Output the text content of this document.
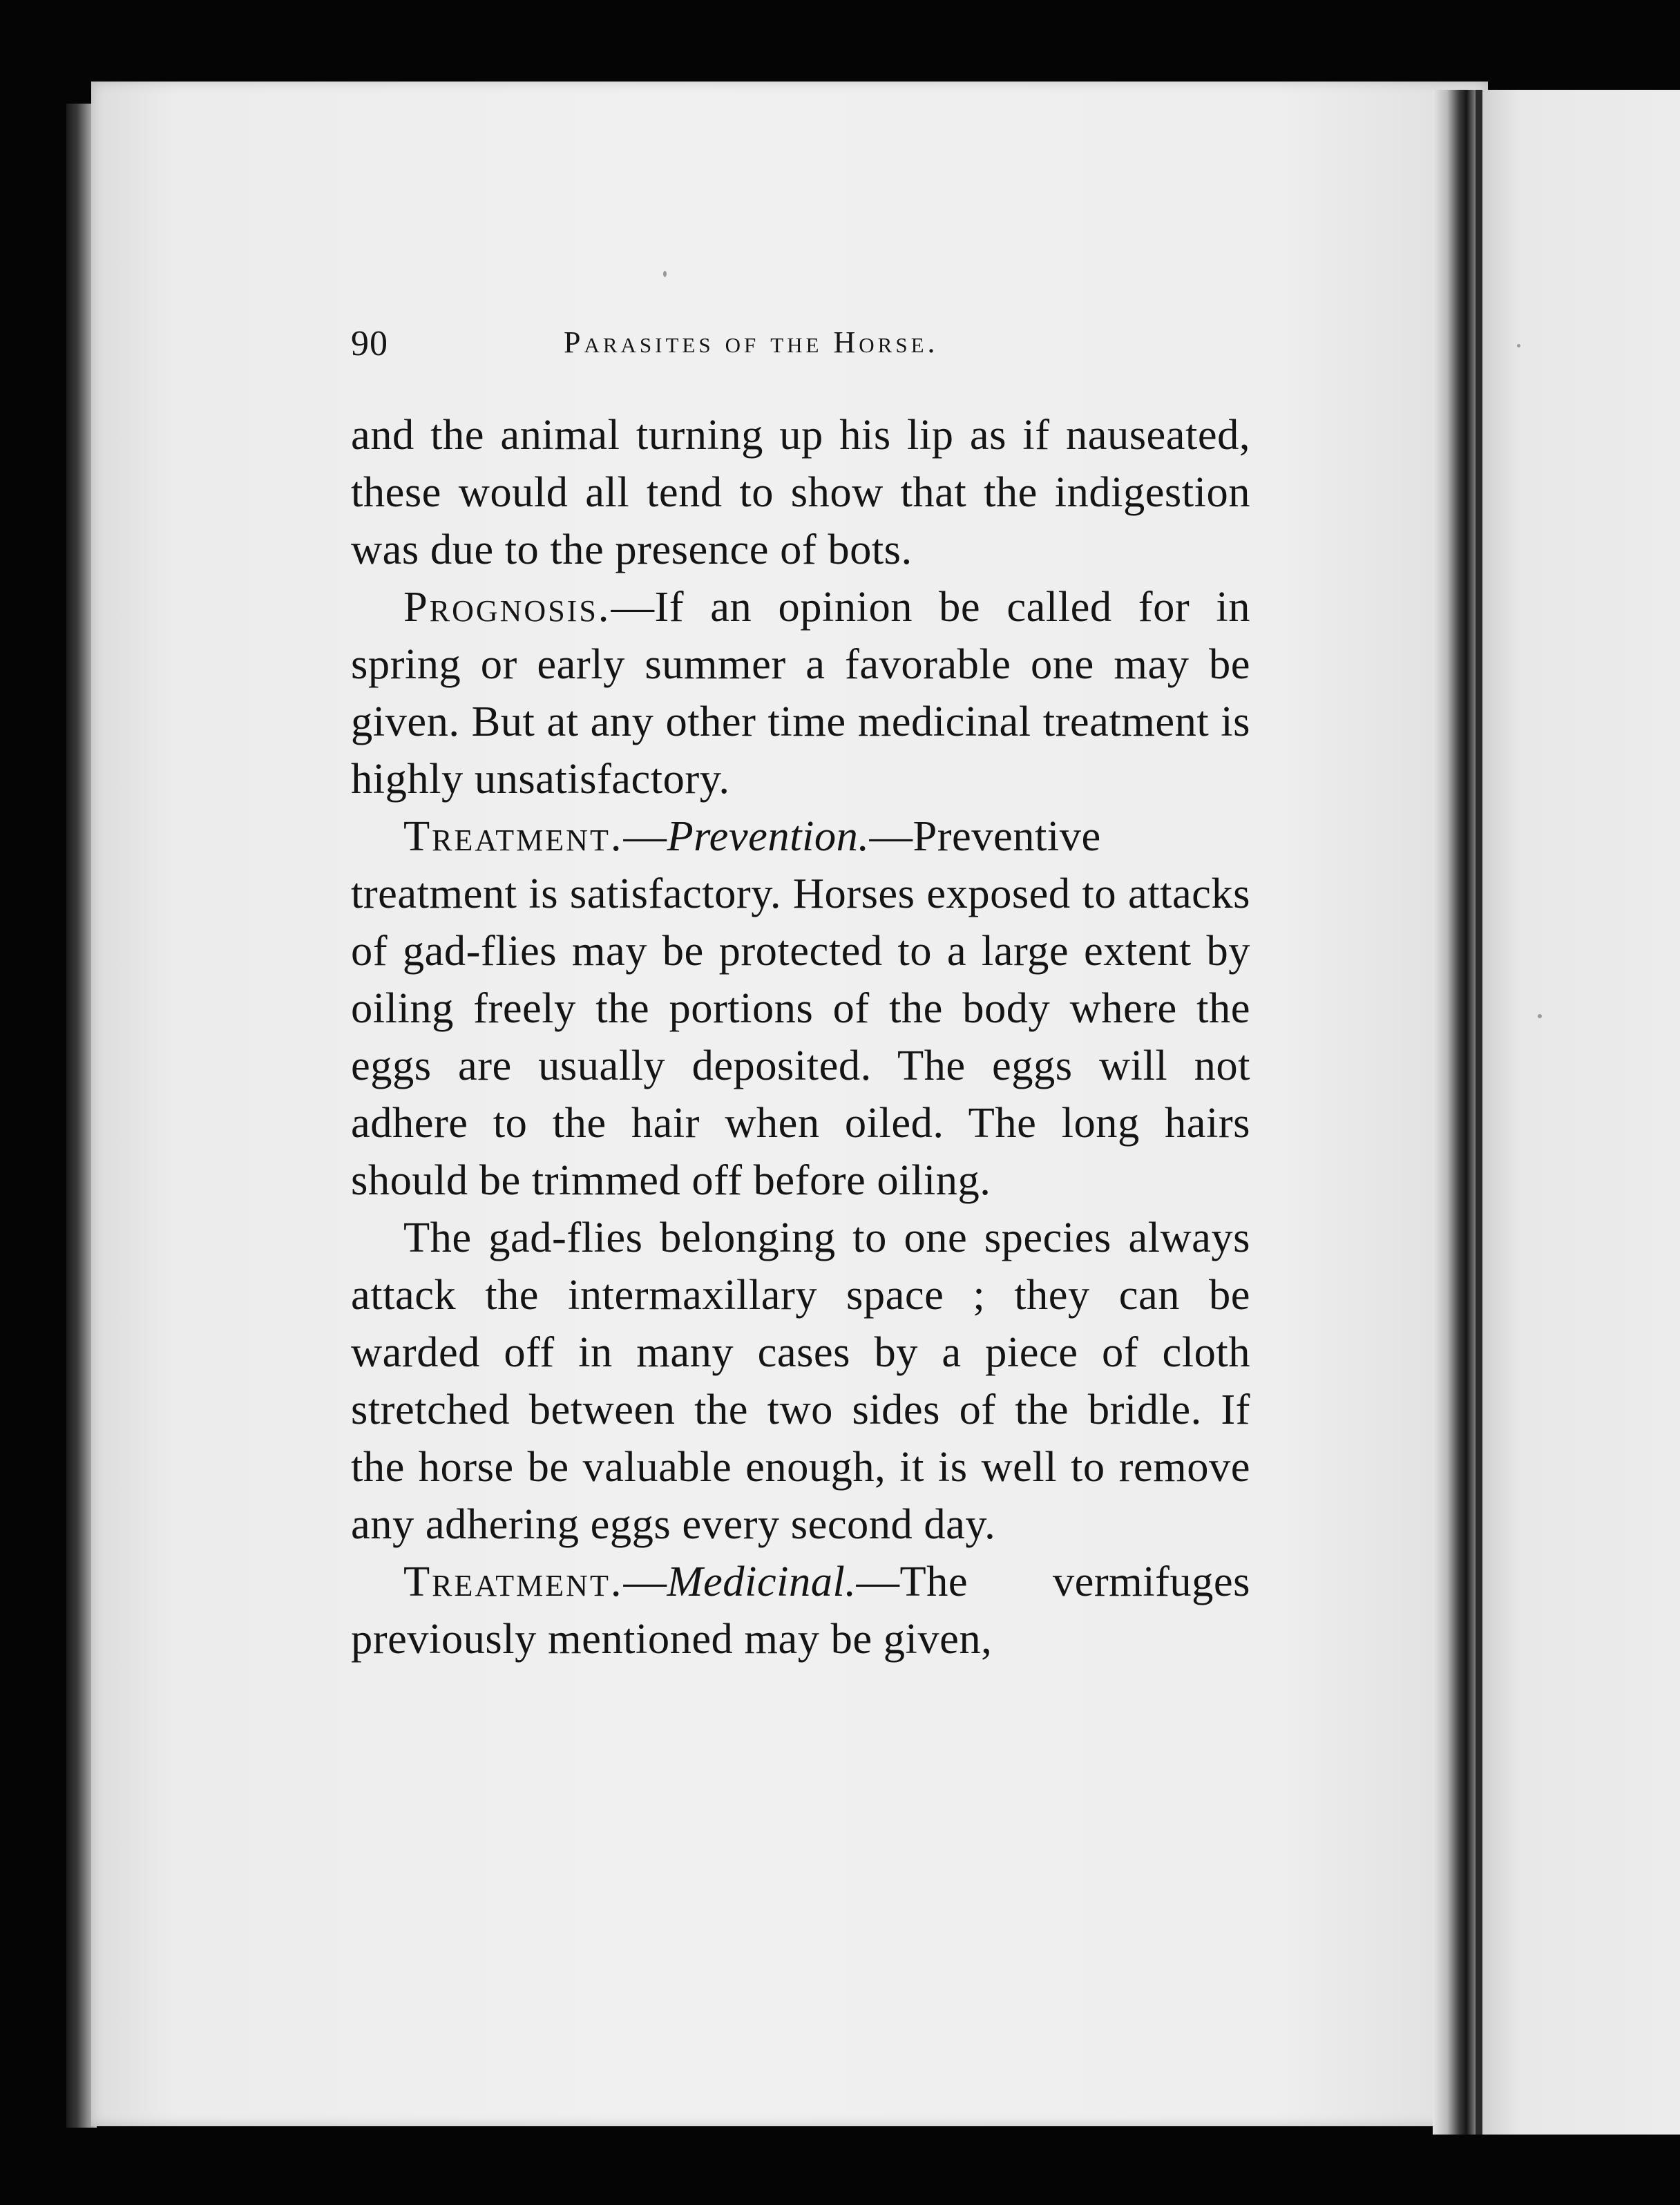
90	Parasites of the Horse.

and the animal turning up his lip as if nauseated, these would all tend to show that the indigestion was due to the presence of bots.

Prognosis.—If an opinion be called for in spring or early summer a favorable one may be given. But at any other time medicinal treatment is highly unsatisfactory.

Treatment.—Prevention.—Preventive treatment is satisfactory. Horses exposed to attacks of gad-flies may be protected to a large extent by oiling freely the portions of the body where the eggs are usually deposited. The eggs will not adhere to the hair when oiled. The long hairs should be trimmed off before oiling.

The gad-flies belonging to one species always attack the intermaxillary space ; they can be warded off in many cases by a piece of cloth stretched between the two sides of the bridle. If the horse be valuable enough, it is well to remove any adhering eggs every second day.

Treatment.—Medicinal.—The vermifuges previously mentioned may be given,
